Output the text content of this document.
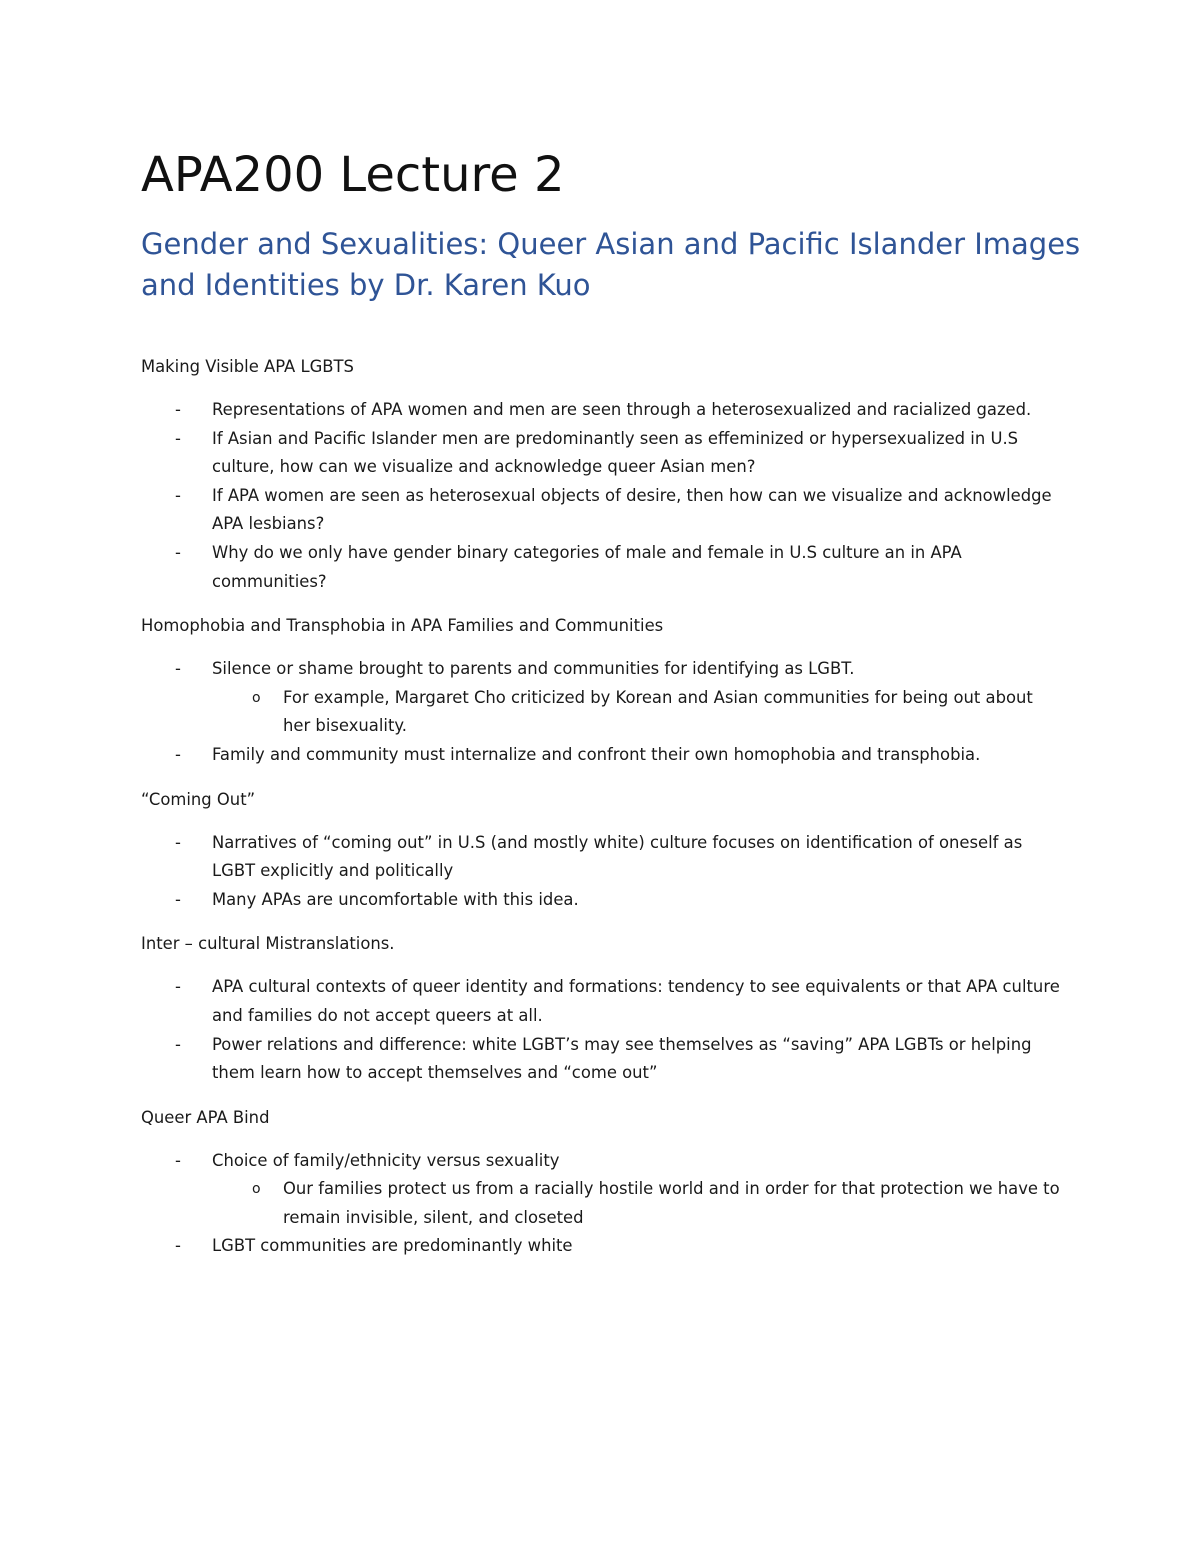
APA200 Lecture 2
Gender and Sexualities: Queer Asian and Pacific Islander Images and Identities by Dr. Karen Kuo

Making Visible APA LGBTS

- Representations of APA women and men are seen through a heterosexualized and racialized gazed.
- If Asian and Pacific Islander men are predominantly seen as effeminized or hypersexualized in U.S culture, how can we visualize and acknowledge queer Asian men?
- If APA women are seen as heterosexual objects of desire, then how can we visualize and acknowledge APA lesbians?
- Why do we only have gender binary categories of male and female in U.S culture an in APA communities?

Homophobia and Transphobia in APA Families and Communities

- Silence or shame brought to parents and communities for identifying as LGBT.
o For example, Margaret Cho criticized by Korean and Asian communities for being out about her bisexuality.
- Family and community must internalize and confront their own homophobia and transphobia.

“Coming Out”

- Narratives of “coming out” in U.S (and mostly white) culture focuses on identification of oneself as LGBT explicitly and politically
- Many APAs are uncomfortable with this idea.

Inter – cultural Mistranslations.

- APA cultural contexts of queer identity and formations: tendency to see equivalents or that APA culture and families do not accept queers at all.
- Power relations and difference: white LGBT’s may see themselves as “saving” APA LGBTs or helping them learn how to accept themselves and “come out”

Queer APA Bind

- Choice of family/ethnicity versus sexuality
o Our families protect us from a racially hostile world and in order for that protection we have to remain invisible, silent, and closeted
- LGBT communities are predominantly white
